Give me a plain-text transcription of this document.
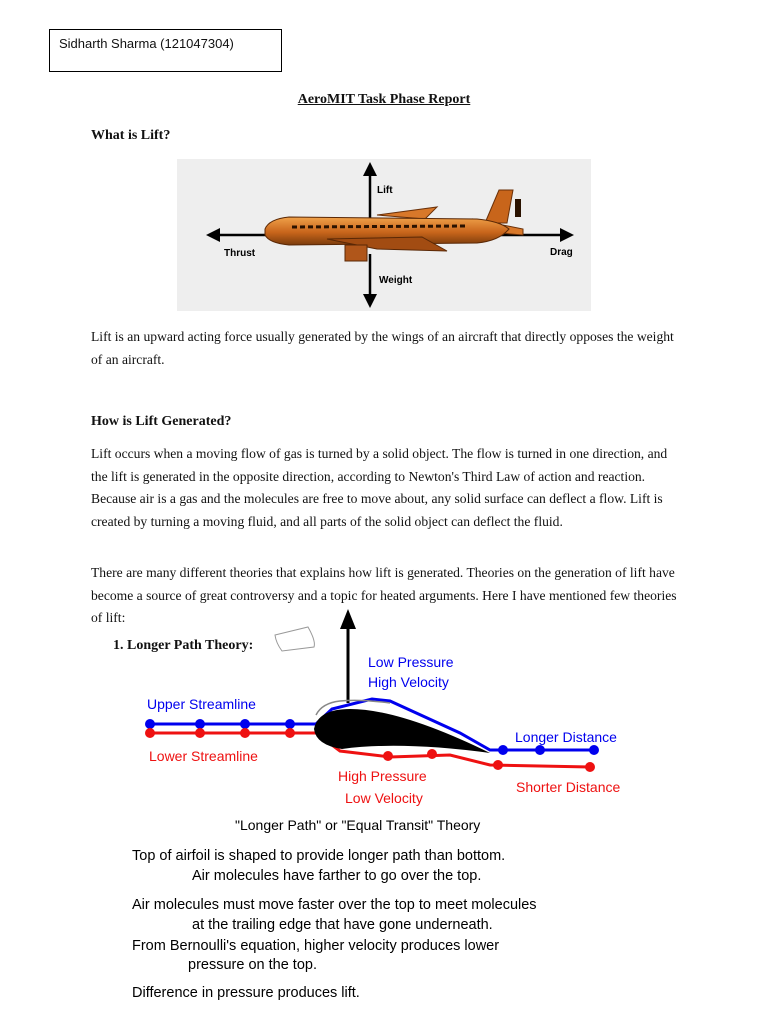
Sidharth Sharma (121047304)
AeroMIT Task Phase Report
What is Lift?
Lift
Thrust	Drag
Weight
Lift is an upward acting force usually generated by the wings of an aircraft that directly opposes the weight of an aircraft.
How is Lift Generated?
Lift occurs when a moving flow of gas is turned by a solid object. The flow is turned in one direction, and the lift is generated in the opposite direction, according to Newton's Third Law of action and reaction. Because air is a gas and the molecules are free to move about, any solid surface can deflect a flow. Lift is created by turning a moving fluid, and all parts of the solid object can deflect the fluid.
There are many different theories that explains how lift is generated. Theories on the generation of lift have become a source of great controversy and a topic for heated arguments. Here I have mentioned few theories of lift:
1. Longer Path Theory:
Low Pressure
High Velocity
Upper Streamline
Longer Distance
Lower Streamline
High Pressure
Low Velocity
Shorter Distance
"Longer Path" or "Equal Transit" Theory
Top of airfoil is shaped to provide longer path than bottom.
Air molecules have farther to go over the top.
Air molecules must move faster over the top to meet molecules
at the trailing edge that have gone underneath.
From Bernoulli's equation, higher velocity produces lower
pressure on the top.
Difference in pressure produces lift.
